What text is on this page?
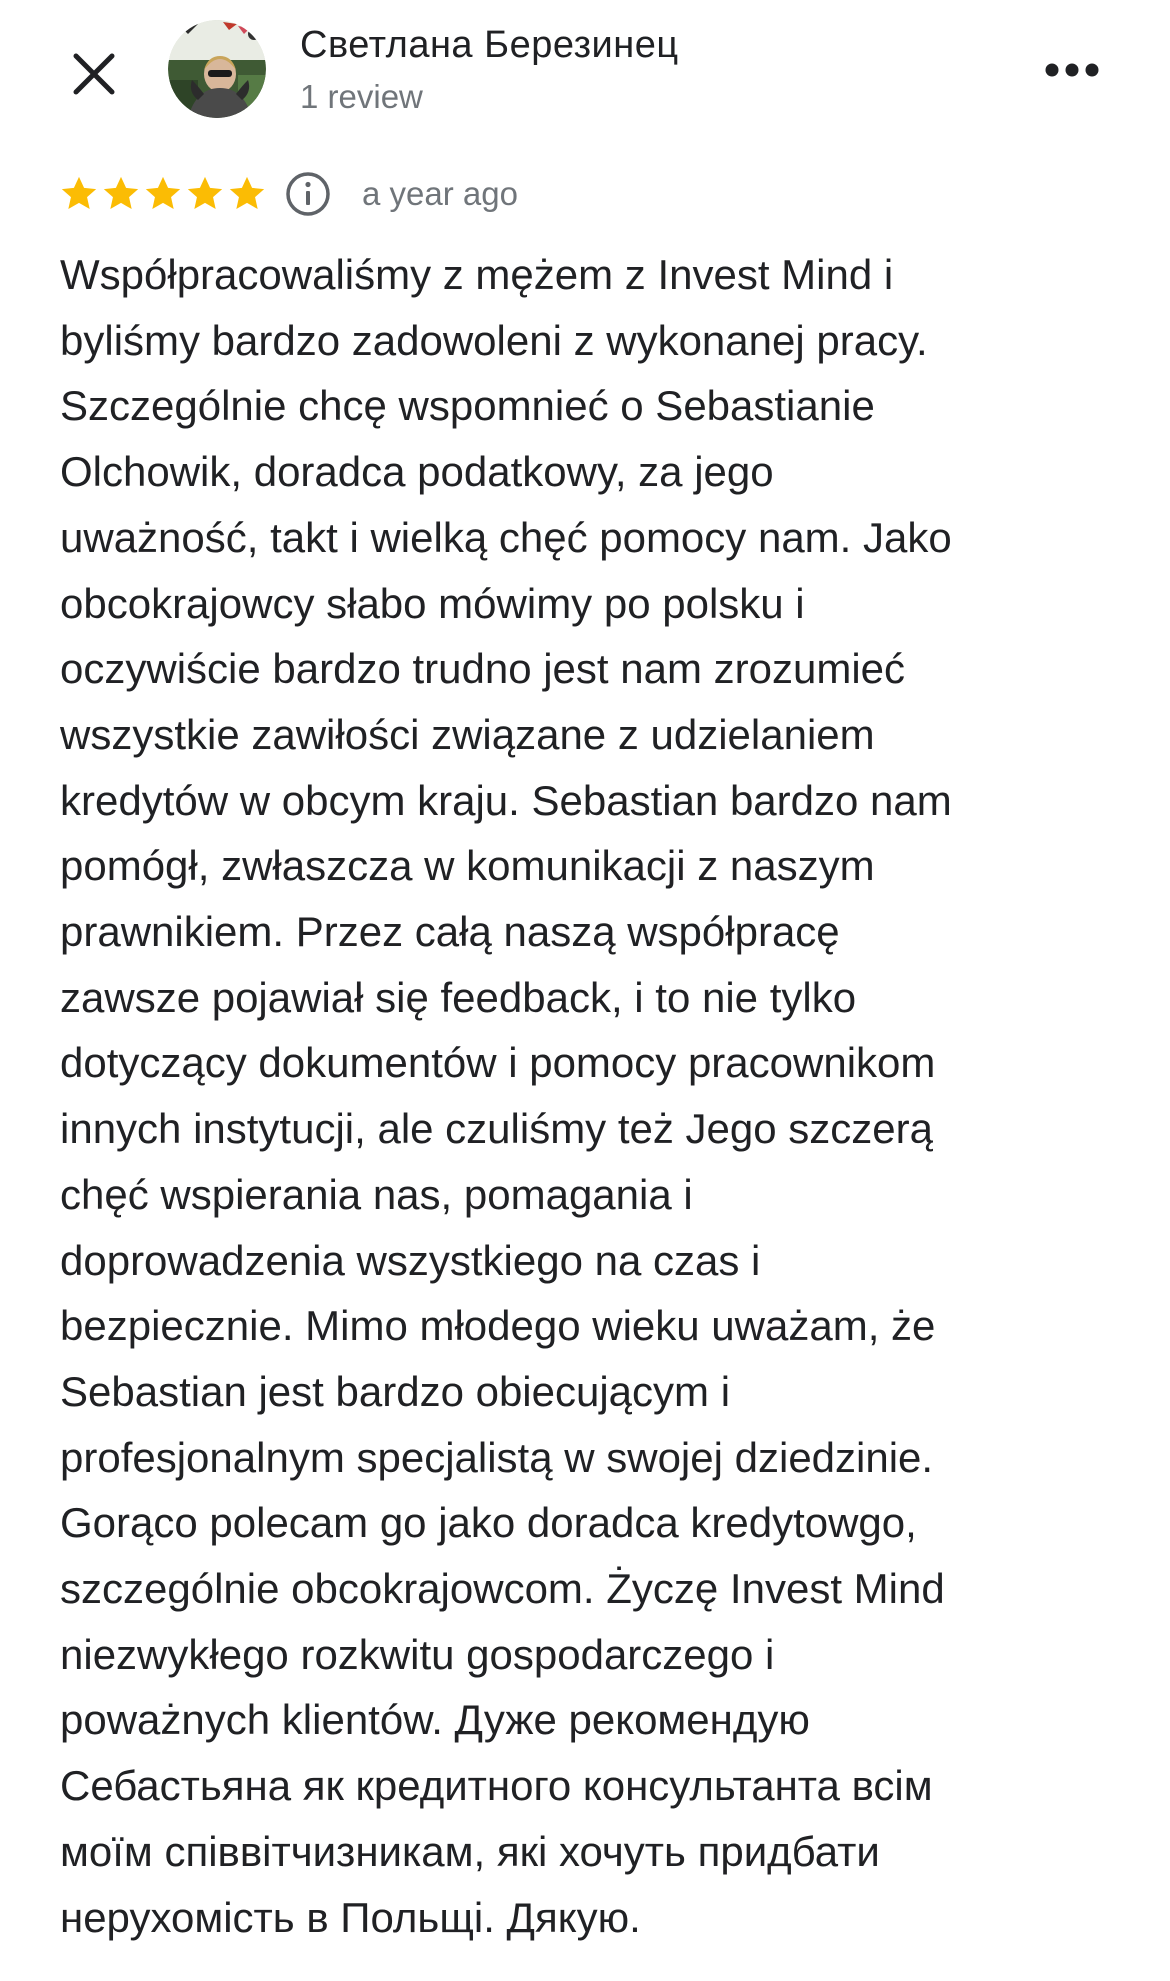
Светлана Березинец
1 review
a year ago
Współpracowaliśmy z mężem z Invest Mind i
byliśmy bardzo zadowoleni z wykonanej pracy.
Szczególnie chcę wspomnieć o Sebastianie
Olchowik, doradca podatkowy, za jego
uważność, takt i wielką chęć pomocy nam. Jako
obcokrajowcy słabo mówimy po polsku i
oczywiście bardzo trudno jest nam zrozumieć
wszystkie zawiłości związane z udzielaniem
kredytów w obcym kraju. Sebastian bardzo nam
pomógł, zwłaszcza w komunikacji z naszym
prawnikiem. Przez całą naszą współpracę
zawsze pojawiał się feedback, i to nie tylko
dotyczący dokumentów i pomocy pracownikom
innych instytucji, ale czuliśmy też Jego szczerą
chęć wspierania nas, pomagania i
doprowadzenia wszystkiego na czas i
bezpiecznie. Mimo młodego wieku uważam, że
Sebastian jest bardzo obiecującym i
profesjonalnym specjalistą w swojej dziedzinie.
Gorąco polecam go jako doradca kredytowgo,
szczególnie obcokrajowcom. Życzę Invest Mind
niezwykłego rozkwitu gospodarczego i
poważnych klientów. Дуже рекомендую
Себастьяна як кредитного консультанта всім
моїм співвітчизникам, які хочуть придбати
нерухомість в Польщі. Дякую.
